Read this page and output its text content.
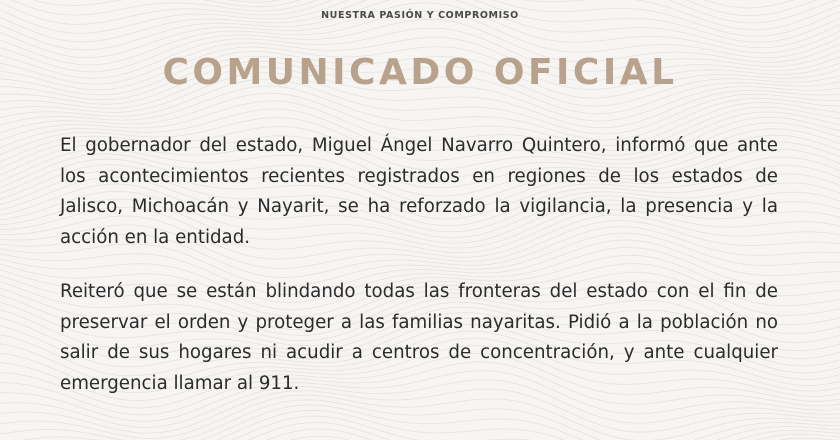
NUESTRA PASIÓN Y COMPROMISO
COMUNICADO OFICIAL

El gobernador del estado, Miguel Ángel Navarro Quintero, informó que ante los acontecimientos recientes registrados en regiones de los estados de Jalisco, Michoacán y Nayarit, se ha reforzado la vigilancia, la presencia y la acción en la entidad.

Reiteró que se están blindando todas las fronteras del estado con el fin de preservar el orden y proteger a las familias nayaritas. Pidió a la población no salir de sus hogares ni acudir a centros de concentración, y ante cualquier emergencia llamar al 911.
